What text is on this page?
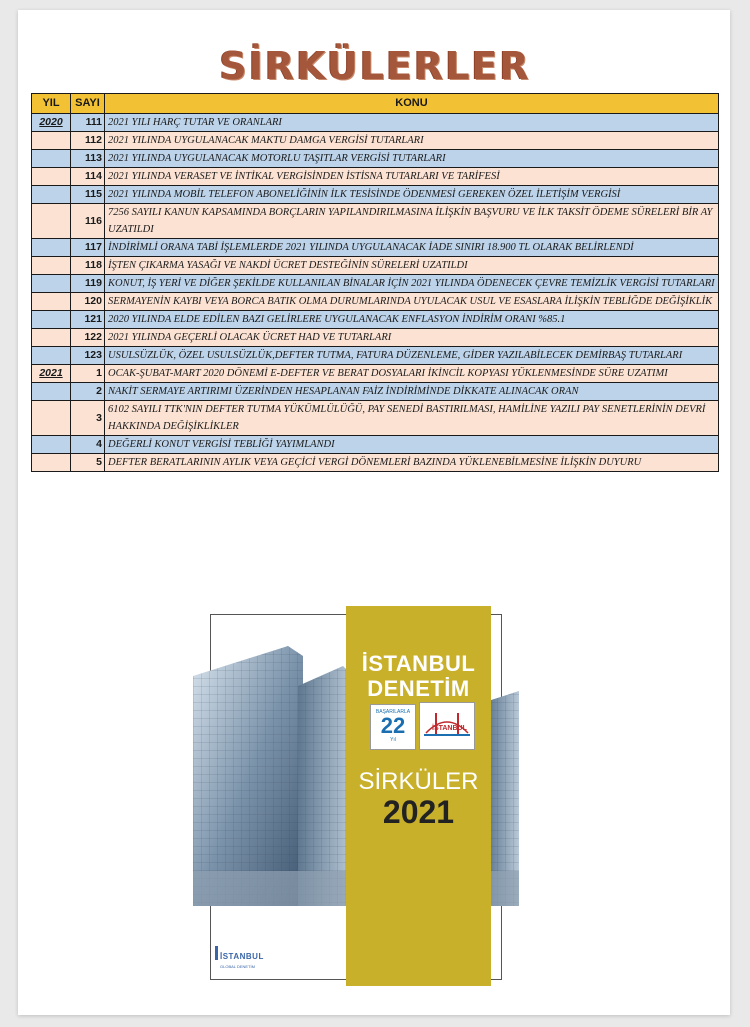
SİRKÜLERLER
YIL	SAYI	KONU
2020	111	2021 YILI HARÇ TUTAR VE ORANLARI
	112	2021 YILINDA UYGULANACAK MAKTU DAMGA VERGİSİ TUTARLARI
	113	2021 YILINDA UYGULANACAK MOTORLU TAŞITLAR VERGİSİ TUTARLARI
	114	2021 YILINDA VERASET VE İNTİKAL VERGİSİNDEN İSTİSNA TUTARLARI VE TARİFESİ
	115	2021 YILINDA MOBİL TELEFON ABONELİĞİNİN İLK TESİSİNDE ÖDENMESİ GEREKEN ÖZEL İLETİŞİM VERGİSİ
	116	7256 SAYILI KANUN KAPSAMINDA BORÇLARIN YAPILANDIRILMASINA İLİŞKİN BAŞVURU VE İLK TAKSİT ÖDEME SÜRELERİ BİR AY UZATILDI
	117	İNDİRİMLİ ORANA TABİ İŞLEMLERDE 2021 YILINDA UYGULANACAK İADE SINIRI 18.900 TL OLARAK BELİRLENDİ
	118	İŞTEN ÇIKARMA YASAĞI VE NAKDİ ÜCRET DESTEĞİNİN SÜRELERİ UZATILDI
	119	KONUT, İŞ YERİ VE DİĞER ŞEKİLDE KULLANILAN BİNALAR İÇİN 2021 YILINDA ÖDENECEK ÇEVRE TEMİZLİK VERGİSİ TUTARLARI
	120	SERMAYENİN KAYBI VEYA BORCA BATIK OLMA DURUMLARINDA UYULACAK USUL VE ESASLARA İLİŞKİN TEBLİĞDE DEĞİŞİKLİK
	121	2020 YILINDA ELDE EDİLEN BAZI GELİRLERE UYGULANACAK ENFLASYON İNDİRİM ORANI %85.1
	122	2021 YILINDA GEÇERLİ OLACAK ÜCRET HAD VE TUTARLARI
	123	USULSÜZLÜK, ÖZEL USULSÜZLÜK,DEFTER TUTMA, FATURA DÜZENLEME, GİDER YAZILABİLECEK DEMİRBAŞ TUTARLARI
2021	1	OCAK-ŞUBAT-MART 2020 DÖNEMİ E-DEFTER VE BERAT DOSYALARI İKİNCİL KOPYASI YÜKLENMESİNDE SÜRE UZATIMI
	2	NAKİT SERMAYE ARTIRIMI ÜZERİNDEN HESAPLANAN FAİZ İNDİRİMİNDE DİKKATE ALINACAK ORAN
	3	6102 SAYILI TTK'NIN DEFTER TUTMA YÜKÜMLÜLÜĞÜ, PAY SENEDİ BASTIRILMASI, HAMİLİNE YAZILI PAY SENETLERİNİN DEVRİ HAKKINDA DEĞİŞİKLİKLER
	4	DEĞERLİ KONUT VERGİSİ TEBLİĞİ YAYIMLANDI
	5	DEFTER BERATLARININ AYLIK VEYA GEÇİCİ VERGİ DÖNEMLERİ BAZINDA YÜKLENEBİLMESİNE İLİŞKİN DUYURU
İSTANBUL
DENETİM
BAŞARILARLA
22
Yıl
İSTANBUL
SİRKÜLER
2021
İSTANBUL
GLOBAL DENETİM
